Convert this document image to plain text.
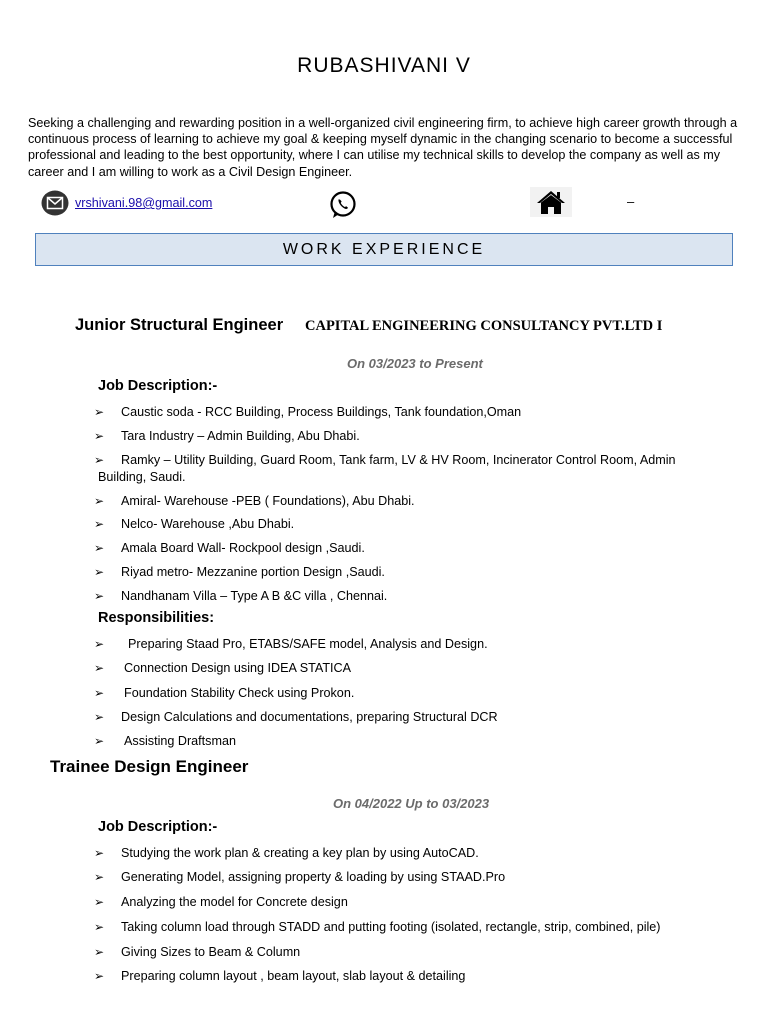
RUBASHIVANI V
Seeking a challenging and rewarding position in a well-organized civil engineering firm, to achieve high career growth through a continuous process of learning to achieve my goal & keeping myself dynamic in the changing scenario to become a successful professional and leading to the best opportunity, where I can utilise my technical skills to develop the company as well as my career and I am willing to work as a Civil Design Engineer.
vrshivani.98@gmail.com	–
WORK EXPERIENCE
Junior Structural Engineer CAPITAL ENGINEERING CONSULTANCY PVT.LTD I
On 03/2023 to Present
Job Description:-
➢ Caustic soda - RCC Building, Process Buildings, Tank foundation,Oman
➢ Tara Industry – Admin Building, Abu Dhabi.
➢ Ramky – Utility Building, Guard Room, Tank farm, LV & HV Room, Incinerator Control Room, Admin
Building, Saudi.
➢ Amiral- Warehouse -PEB ( Foundations), Abu Dhabi.
➢ Nelco- Warehouse ,Abu Dhabi.
➢ Amala Board Wall- Rockpool design ,Saudi.
➢ Riyad metro- Mezzanine portion Design ,Saudi.
➢ Nandhanam Villa – Type A B &C villa , Chennai.
Responsibilities:
➢ Preparing Staad Pro, ETABS/SAFE model, Analysis and Design.
➢ Connection Design using IDEA STATICA
➢ Foundation Stability Check using Prokon.
➢ Design Calculations and documentations, preparing Structural DCR
➢ Assisting Draftsman
Trainee Design Engineer
On 04/2022 Up to 03/2023
Job Description:-
➢ Studying the work plan & creating a key plan by using AutoCAD.
➢ Generating Model, assigning property & loading by using STAAD.Pro
➢ Analyzing the model for Concrete design
➢ Taking column load through STADD and putting footing (isolated, rectangle, strip, combined, pile)
➢ Giving Sizes to Beam & Column
➢ Preparing column layout , beam layout, slab layout & detailing
